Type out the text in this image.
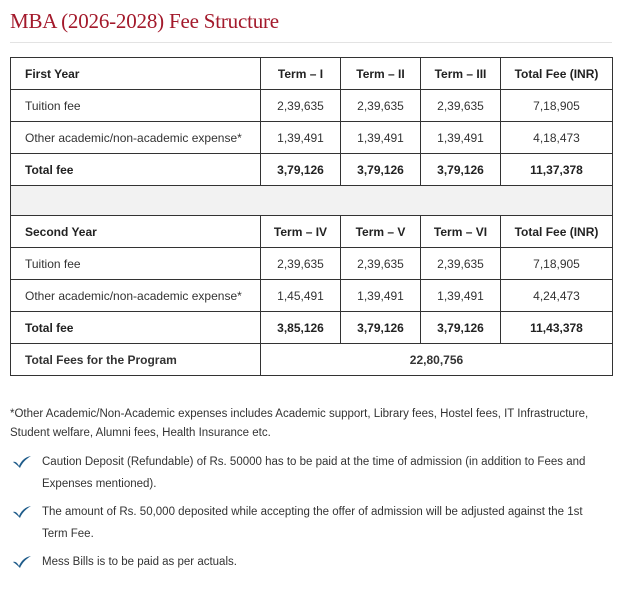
MBA (2026-2028) Fee Structure
First Year	Term – I	Term – II	Term – III	Total Fee (INR)
Tuition fee	2,39,635	2,39,635	2,39,635	7,18,905
Other academic/non-academic expense*	1,39,491	1,39,491	1,39,491	4,18,473
Total fee	3,79,126	3,79,126	3,79,126	11,37,378

Second Year	Term – IV	Term – V	Term – VI	Total Fee (INR)
Tuition fee	2,39,635	2,39,635	2,39,635	7,18,905
Other academic/non-academic expense*	1,45,491	1,39,491	1,39,491	4,24,473
Total fee	3,85,126	3,79,126	3,79,126	11,43,378
Total Fees for the Program	22,80,756			
*Other Academic/Non-Academic expenses includes Academic support, Library fees, Hostel fees, IT Infrastructure, Student welfare, Alumni fees, Health Insurance etc.
Caution Deposit (Refundable) of Rs. 50000 has to be paid at the time of admission (in addition to Fees and Expenses mentioned).
The amount of Rs. 50,000 deposited while accepting the offer of admission will be adjusted against the 1st Term Fee.
Mess Bills is to be paid as per actuals.
